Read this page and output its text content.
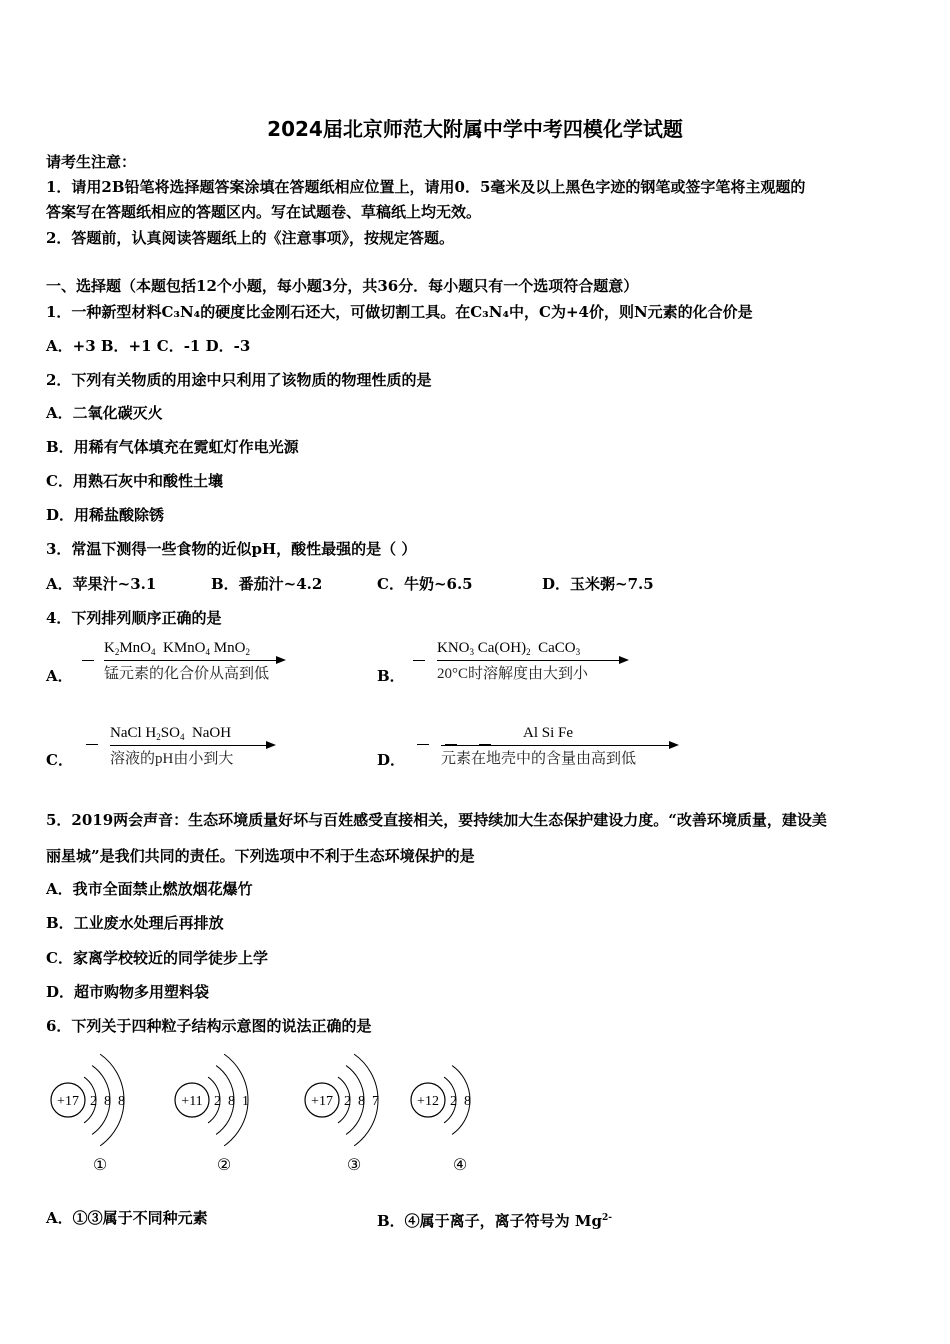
2024届北京师范大附属中学中考四模化学试题
请考生注意：
1．请用2B铅笔将选择题答案涂填在答题纸相应位置上，请用0．5毫米及以上黑色字迹的钢笔或签字笔将主观题的
答案写在答题纸相应的答题区内。写在试题卷、草稿纸上均无效。
2．答题前，认真阅读答题纸上的《注意事项》，按规定答题。
一、选择题（本题包括12个小题，每小题3分，共36分．每小题只有一个选项符合题意）
1．一种新型材料C₃N₄的硬度比金刚石还大，可做切割工具。在C₃N₄中，C为+4价，则N元素的化合价是
A．+3 B．+1 C．-1 D．-3
2．下列有关物质的用途中只利用了该物质的物理性质的是
A．二氧化碳灭火
B．用稀有气体填充在霓虹灯作电光源
C．用熟石灰中和酸性土壤
D．用稀盐酸除锈
3．常温下测得一些食物的近似pH，酸性最强的是（ ）
A．苹果汁~3.1	B．番茄汁~4.2	C．牛奶~6.5	D．玉米粥~7.5
4．下列排列顺序正确的是
A．
$K_2MnO_4$  KMnO$_4$ MnO$_2$
锰元素的化合价从高到低	B．
$KNO_3$ $Ca(OH)_2$  CaCO$_3$
20°C时溶解度由大到小
C．
NaCl $H_2SO_4$  NaOH
溶液的pH由小到大	D．
Al Si Fe
元素在地壳中的含量由高到低
5．2019两会声音：生态环境质量好坏与百姓感受直接相关，要持续加大生态保护建设力度。“改善环境质量，建设美
丽星城”是我们共同的责任。下列选项中不利于生态环境保护的是
A．我市全面禁止燃放烟花爆竹
B．工业废水处理后再排放
C．家离学校较近的同学徒步上学
D．超市购物多用塑料袋
6．下列关于四种粒子结构示意图的说法正确的是
+17 2 8 8
①
+11 2 8 1
②
+17 2 8 7
③
+12 2 8
④
A．①③属于不同种元素	B．④属于离子，离子符号为 $Mg^{2-}$
